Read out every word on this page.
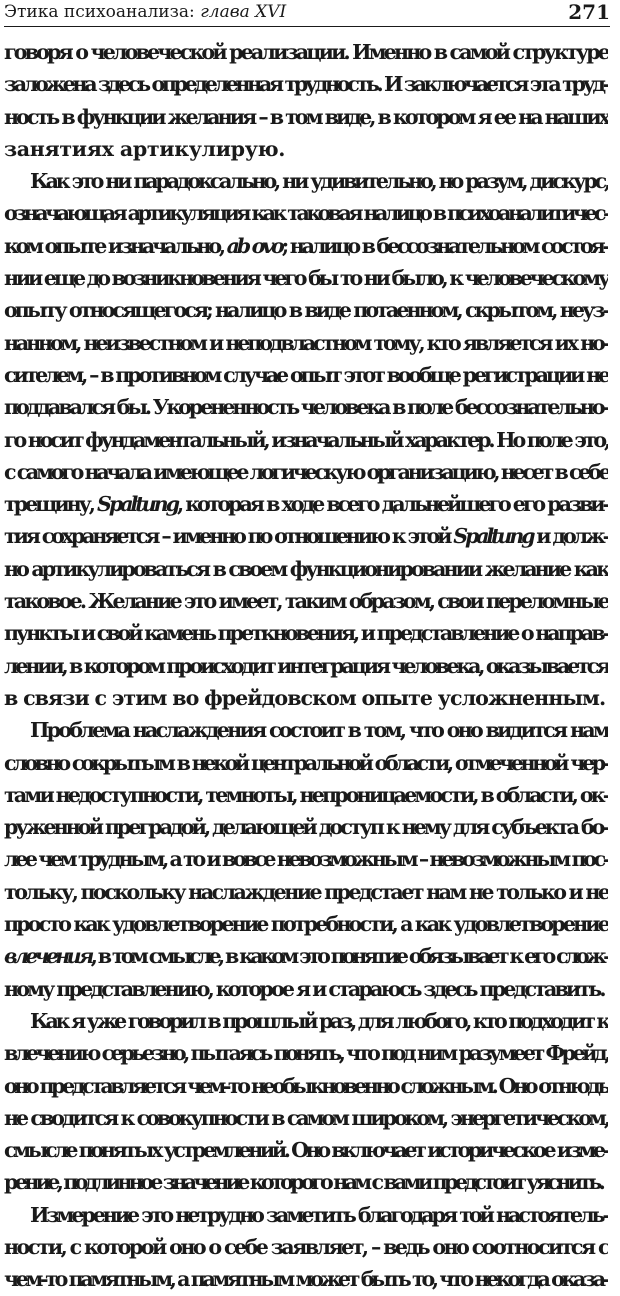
Этика психоанализа: глава XVI	271
говоря о человеческой реализации. Именно в самой структуре
заложена здесь определенная трудность. И заключается эта труд-
ность в функции желания – в том виде, в котором я ее на наших
занятиях артикулирую.
Как это ни парадоксально, ни удивительно, но разум, дискурс,
означающая артикуляция как таковая налицо в психоаналитичес-
ком опыте изначально, ab ovo; налицо в бессознательном состоя-
нии еще до возникновения чего бы то ни было, к человеческому
опыту относящегося; налицо в виде потаенном, скрытом, неуз-
нанном, неизвестном и неподвластном тому, кто является их но-
сителем, – в противном случае опыт этот вообще регистрации не
поддавался бы. Укорененность человека в поле бессознательно-
го носит фундаментальный, изначальный характер. Но поле это,
с самого начала имеющее логическую организацию, несет в себе
трещину, Spaltung, которая в ходе всего дальнейшего его разви-
тия сохраняется – именно по отношению к этой Spaltung и долж-
но артикулироваться в своем функционировании желание как
таковое. Желание это имеет, таким образом, свои переломные
пункты и свой камень преткновения, и представление о направ-
лении, в котором происходит интеграция человека, оказывается
в связи с этим во фрейдовском опыте усложненным.
Проблема наслаждения состоит в том, что оно видится нам
словно сокрытым в некой центральной области, отмеченной чер-
тами недоступности, темноты, непроницаемости, в области, ок-
руженной преградой, делающей доступ к нему для субъекта бо-
лее чем трудным, а то и вовсе невозможным – невозможным пос-
тольку, поскольку наслаждение предстает нам не только и не
просто как удовлетворение потребности, а как удовлетворение
влечения, в том смысле, в каком это понятие обязывает к его слож-
ному представлению, которое я и стараюсь здесь представить.
Как я уже говорил в прошлый раз, для любого, кто подходит к
влечению серьезно, пытаясь понять, что под ним разумеет Фрейд,
оно представляется чем-то необыкновенно сложным. Оно отнюдь
не сводится к совокупности в самом широком, энергетическом,
смысле понятых устремлений. Оно включает историческое изме-
рение, подлинное значение которого нам с вами предстоит уяснить.
Измерение это нетрудно заметить благодаря той настоятель-
ности, с которой оно о себе заявляет, – ведь оно соотносится с
чем-то памятным, а памятным может быть то, что некогда оказа-
